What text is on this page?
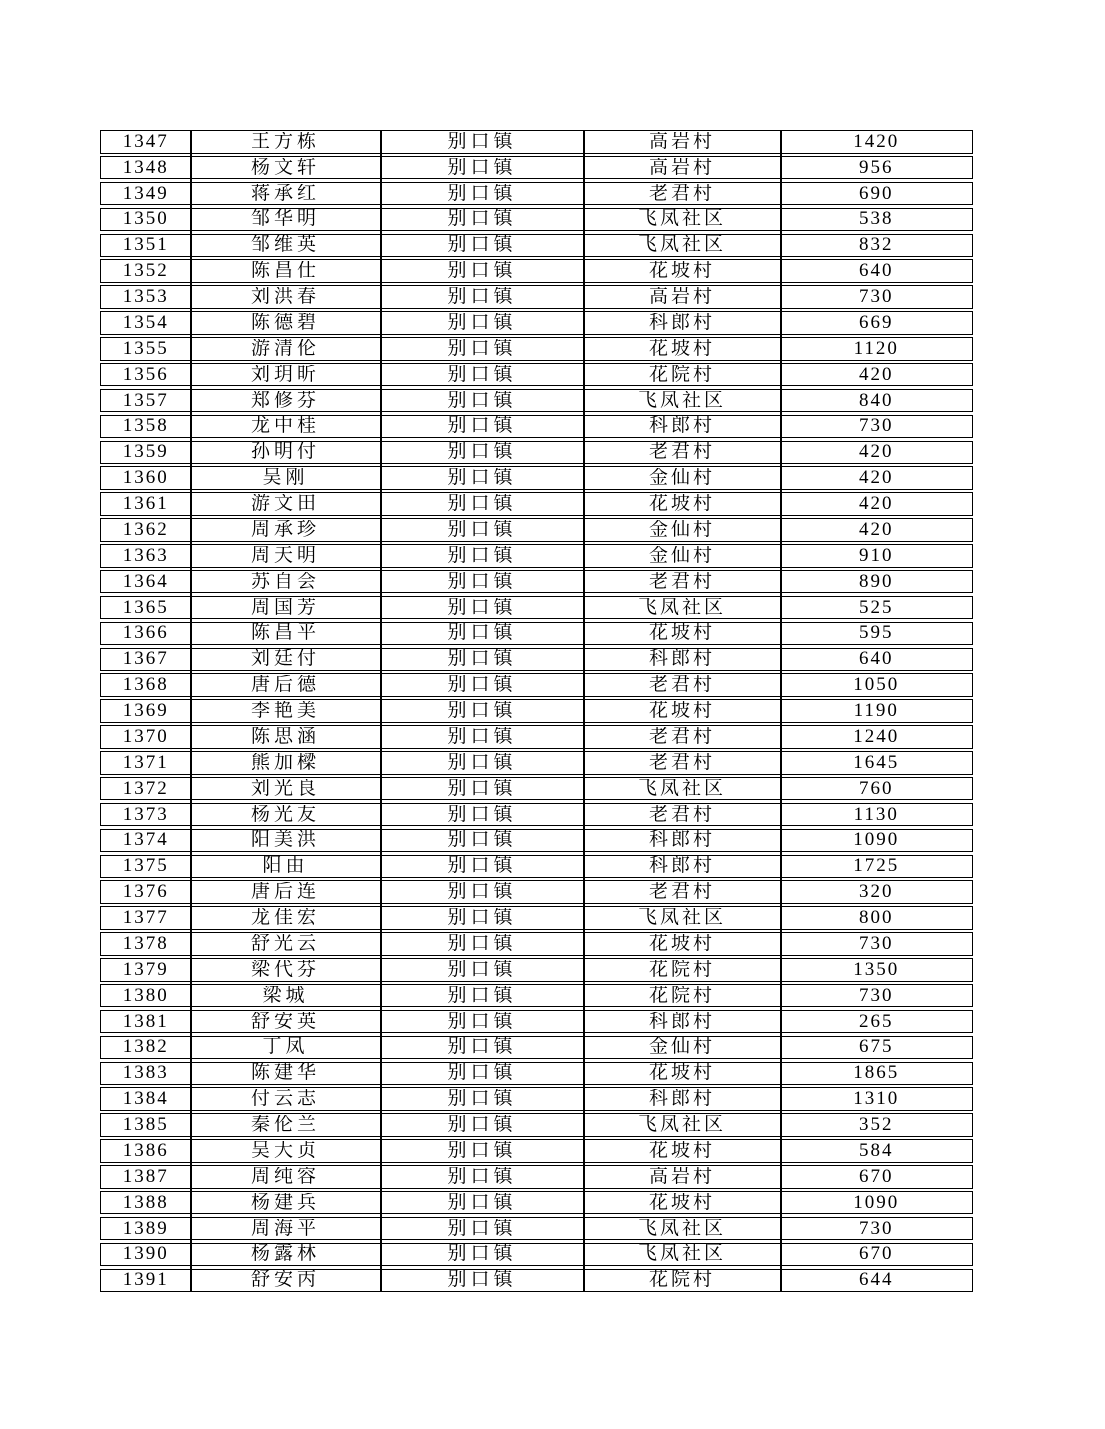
1347	王方栋	别口镇	高岩村	1420
1348	杨文轩	别口镇	高岩村	956
1349	蒋承红	别口镇	老君村	690
1350	邹华明	别口镇	飞凤社区	538
1351	邹维英	别口镇	飞凤社区	832
1352	陈昌仕	别口镇	花坡村	640
1353	刘洪春	别口镇	高岩村	730
1354	陈德碧	别口镇	科郎村	669
1355	游清伦	别口镇	花坡村	1120
1356	刘玥昕	别口镇	花院村	420
1357	郑修芬	别口镇	飞凤社区	840
1358	龙中桂	别口镇	科郎村	730
1359	孙明付	别口镇	老君村	420
1360	吴刚	别口镇	金仙村	420
1361	游文田	别口镇	花坡村	420
1362	周承珍	别口镇	金仙村	420
1363	周天明	别口镇	金仙村	910
1364	苏自会	别口镇	老君村	890
1365	周国芳	别口镇	飞凤社区	525
1366	陈昌平	别口镇	花坡村	595
1367	刘廷付	别口镇	科郎村	640
1368	唐后德	别口镇	老君村	1050
1369	李艳美	别口镇	花坡村	1190
1370	陈思涵	别口镇	老君村	1240
1371	熊加樑	别口镇	老君村	1645
1372	刘光良	别口镇	飞凤社区	760
1373	杨光友	别口镇	老君村	1130
1374	阳美洪	别口镇	科郎村	1090
1375	阳由	别口镇	科郎村	1725
1376	唐后连	别口镇	老君村	320
1377	龙佳宏	别口镇	飞凤社区	800
1378	舒光云	别口镇	花坡村	730
1379	梁代芬	别口镇	花院村	1350
1380	梁城	别口镇	花院村	730
1381	舒安英	别口镇	科郎村	265
1382	丁凤	别口镇	金仙村	675
1383	陈建华	别口镇	花坡村	1865
1384	付云志	别口镇	科郎村	1310
1385	秦伦兰	别口镇	飞凤社区	352
1386	吴大贞	别口镇	花坡村	584
1387	周纯容	别口镇	高岩村	670
1388	杨建兵	别口镇	花坡村	1090
1389	周海平	别口镇	飞凤社区	730
1390	杨露林	别口镇	飞凤社区	670
1391	舒安丙	别口镇	花院村	644
